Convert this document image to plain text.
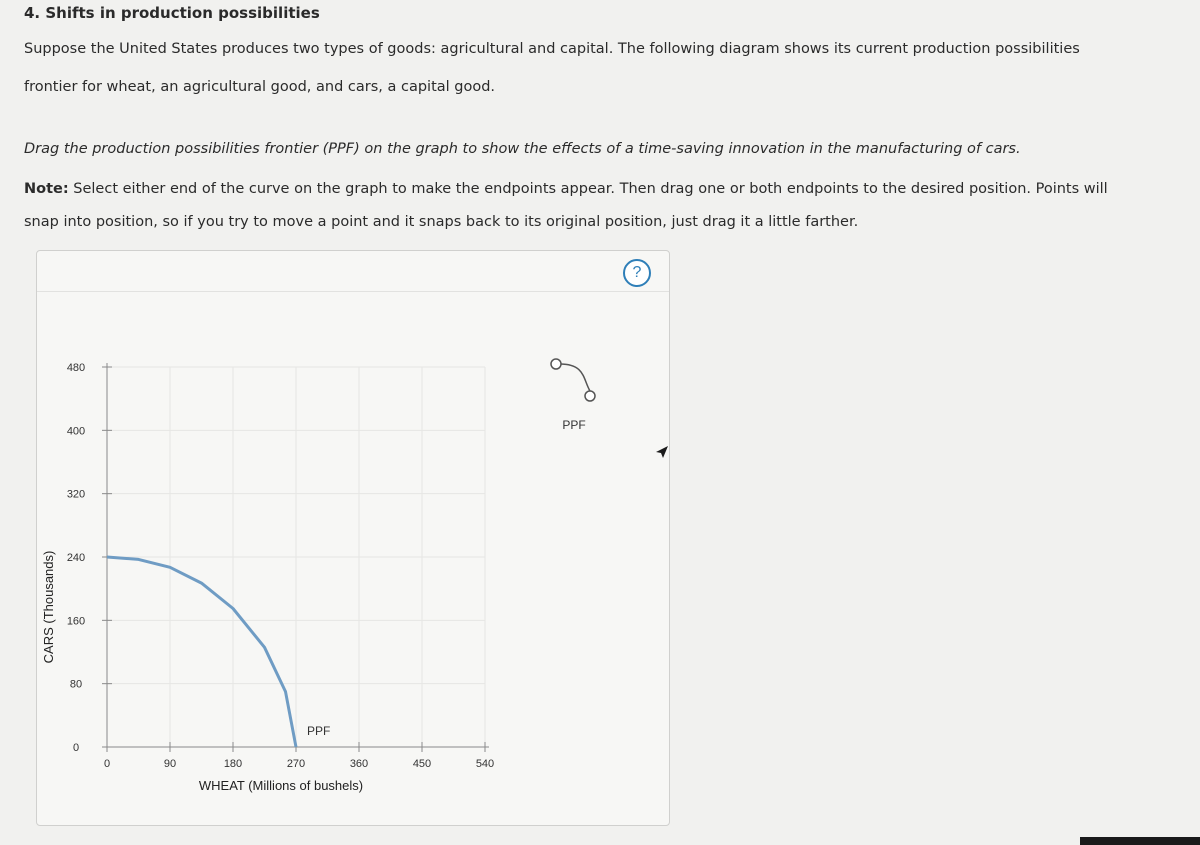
4. Shifts in production possibilities
Suppose the United States produces two types of goods: agricultural and capital. The following diagram shows its current production possibilities
frontier for wheat, an agricultural good, and cars, a capital good.
Drag the production possibilities frontier (PPF) on the graph to show the effects of a time-saving innovation in the manufacturing of cars.
Note: Select either end of the curve on the graph to make the endpoints appear. Then drag one or both endpoints to the desired position. Points will
snap into position, so if you try to move a point and it snaps back to its original position, just drag it a little farther.
?
0	90	180	270	360	450	540
0
80
160
240
320
400
480
WHEAT (Millions of bushels)
CARS (Thousands)
PPF
PPF
